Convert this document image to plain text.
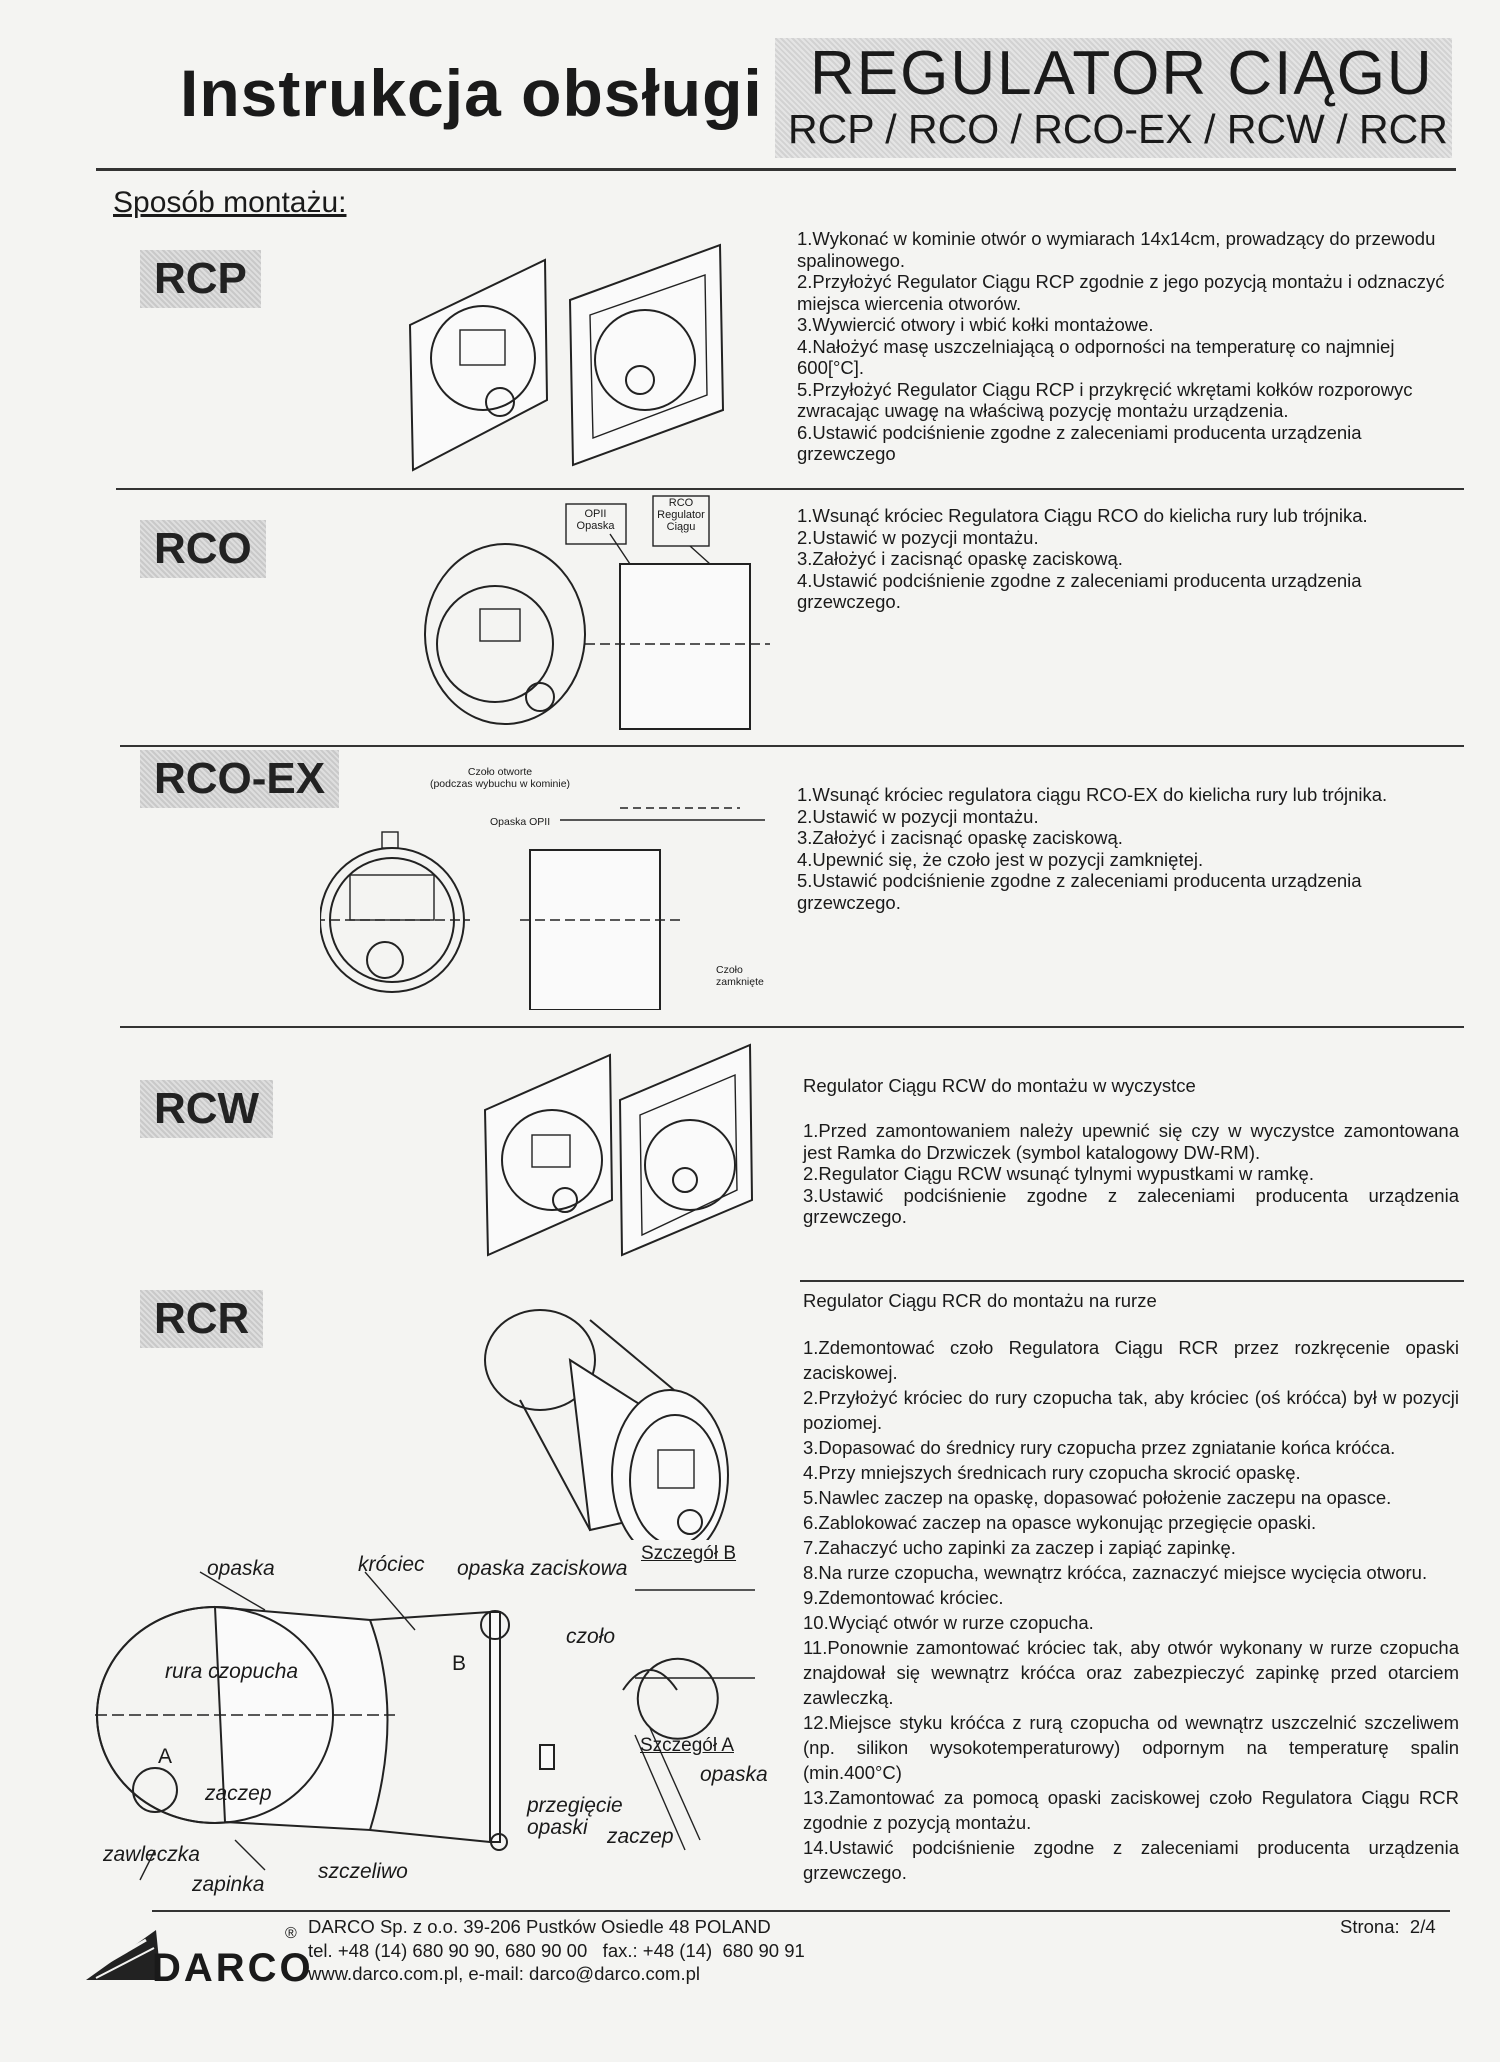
Instrukcja obsługi REGULATOR CIĄGU
RCP / RCO / RCO-EX / RCW / RCR
Sposób montażu:
RCP

1.Wykonać w kominie otwór o wymiarach 14x14cm, prowadzący do przewodu spalinowego.

2.Przyłożyć Regulator Ciągu RCP zgodnie z jego pozycją montażu i odznaczyć miejsca wiercenia otworów.

3.Wywiercić otwory i wbić kołki montażowe.

4.Nałożyć masę uszczelniającą o odporności na temperaturę co najmniej 600[°C].

5.Przyłożyć Regulator Ciągu RCP i przykręcić wkrętami kołków rozporowyc zwracając uwagę na właściwą pozycję montażu urządzenia.

6.Ustawić podciśnienie zgodne z zaleceniami producenta urządzenia grzewczego

RCO
OPII
Opaska
RCO
Regulator
Ciągu

1.Wsunąć króciec Regulatora Ciągu RCO do kielicha rury lub trójnika.

2.Ustawić w pozycji montażu.

3.Założyć i zacisnąć opaskę zaciskową.

4.Ustawić podciśnienie zgodne z zaleceniami producenta urządzenia grzewczego.

RCO-EX	Czoło otworte
(podczas wybuchu w kominie)
Opaska OPII
Czoło
zamknięte

1.Wsunąć króciec regulatora ciągu RCO-EX do kielicha rury lub trójnika.

2.Ustawić w pozycji montażu.

3.Założyć i zacisnąć opaskę zaciskową.

4.Upewnić się, że czoło jest w pozycji zamkniętej.

5.Ustawić podciśnienie zgodne z zaleceniami producenta urządzenia grzewczego.

RCW	Regulator Ciągu RCW do montażu w wyczystce

1.Przed zamontowaniem należy upewnić się czy w wyczystce zamontowana jest Ramka do Drzwiczek (symbol katalogowy DW-RM).

2.Regulator Ciągu RCW wsunąć tylnymi wypustkami w ramkę.

3.Ustawić podciśnienie zgodne z zaleceniami producenta urządzenia grzewczego.

RCR	Regulator Ciągu RCR do montażu na rurze

1.Zdemontować czoło Regulatora Ciągu RCR przez rozkręcenie opaski zaciskowej.

2.Przyłożyć króciec do rury czopucha tak, aby króciec (oś króćca) był w pozycji poziomej.

3.Dopasować do średnicy rury czopucha przez zgniatanie końca króćca.

4.Przy mniejszych średnicach rury czopucha skrocić opaskę.

5.Nawlec zaczep na opaskę, dopasować położenie zaczepu na opasce.

6.Zablokować zaczep na opasce wykonując przegięcie opaski.

7.Zahaczyć ucho zapinki za zaczep i zapiąć zapinkę.

8.Na rurze czopucha, wewnątrz króćca, zaznaczyć miejsce wycięcia otworu.

9.Zdemontować króciec.

10.Wyciąć otwór w rurze czopucha.

11.Ponownie zamontować króciec tak, aby otwór wykonany w rurze czopucha znajdował się wewnątrz króćca oraz zabezpieczyć zapinkę przed otarciem zawleczką.

12.Miejsce styku króćca z rurą czopucha od wewnątrz uszczelnić szczeliwem (np. silikon wysokotemperaturowy) odpornym na temperaturę spalin (min.400°C)

13.Zamontować za pomocą opaski zaciskowej czoło Regulatora Ciągu RCR zgodnie z pozycją montażu.

14.Ustawić podciśnienie zgodne z zaleceniami producenta urządzenia grzewczego.

opaska	króciec opaska zaciskowa
Szczegół B
czoło
B
rura czopucha
A
zaczep
Szczegół A
opaska
przegięcie opaski zaczep
zawleczka
szczeliwo
zapinka
DARCO
® DARCO Sp. z o.o. 39-206 Pustków Osiedle 48 POLAND
tel. +48 (14) 680 90 90, 680 90 00   fax.: +48 (14)  680 90 91
www.darco.com.pl, e-mail: darco@darco.com.pl
Strona:  2/4
